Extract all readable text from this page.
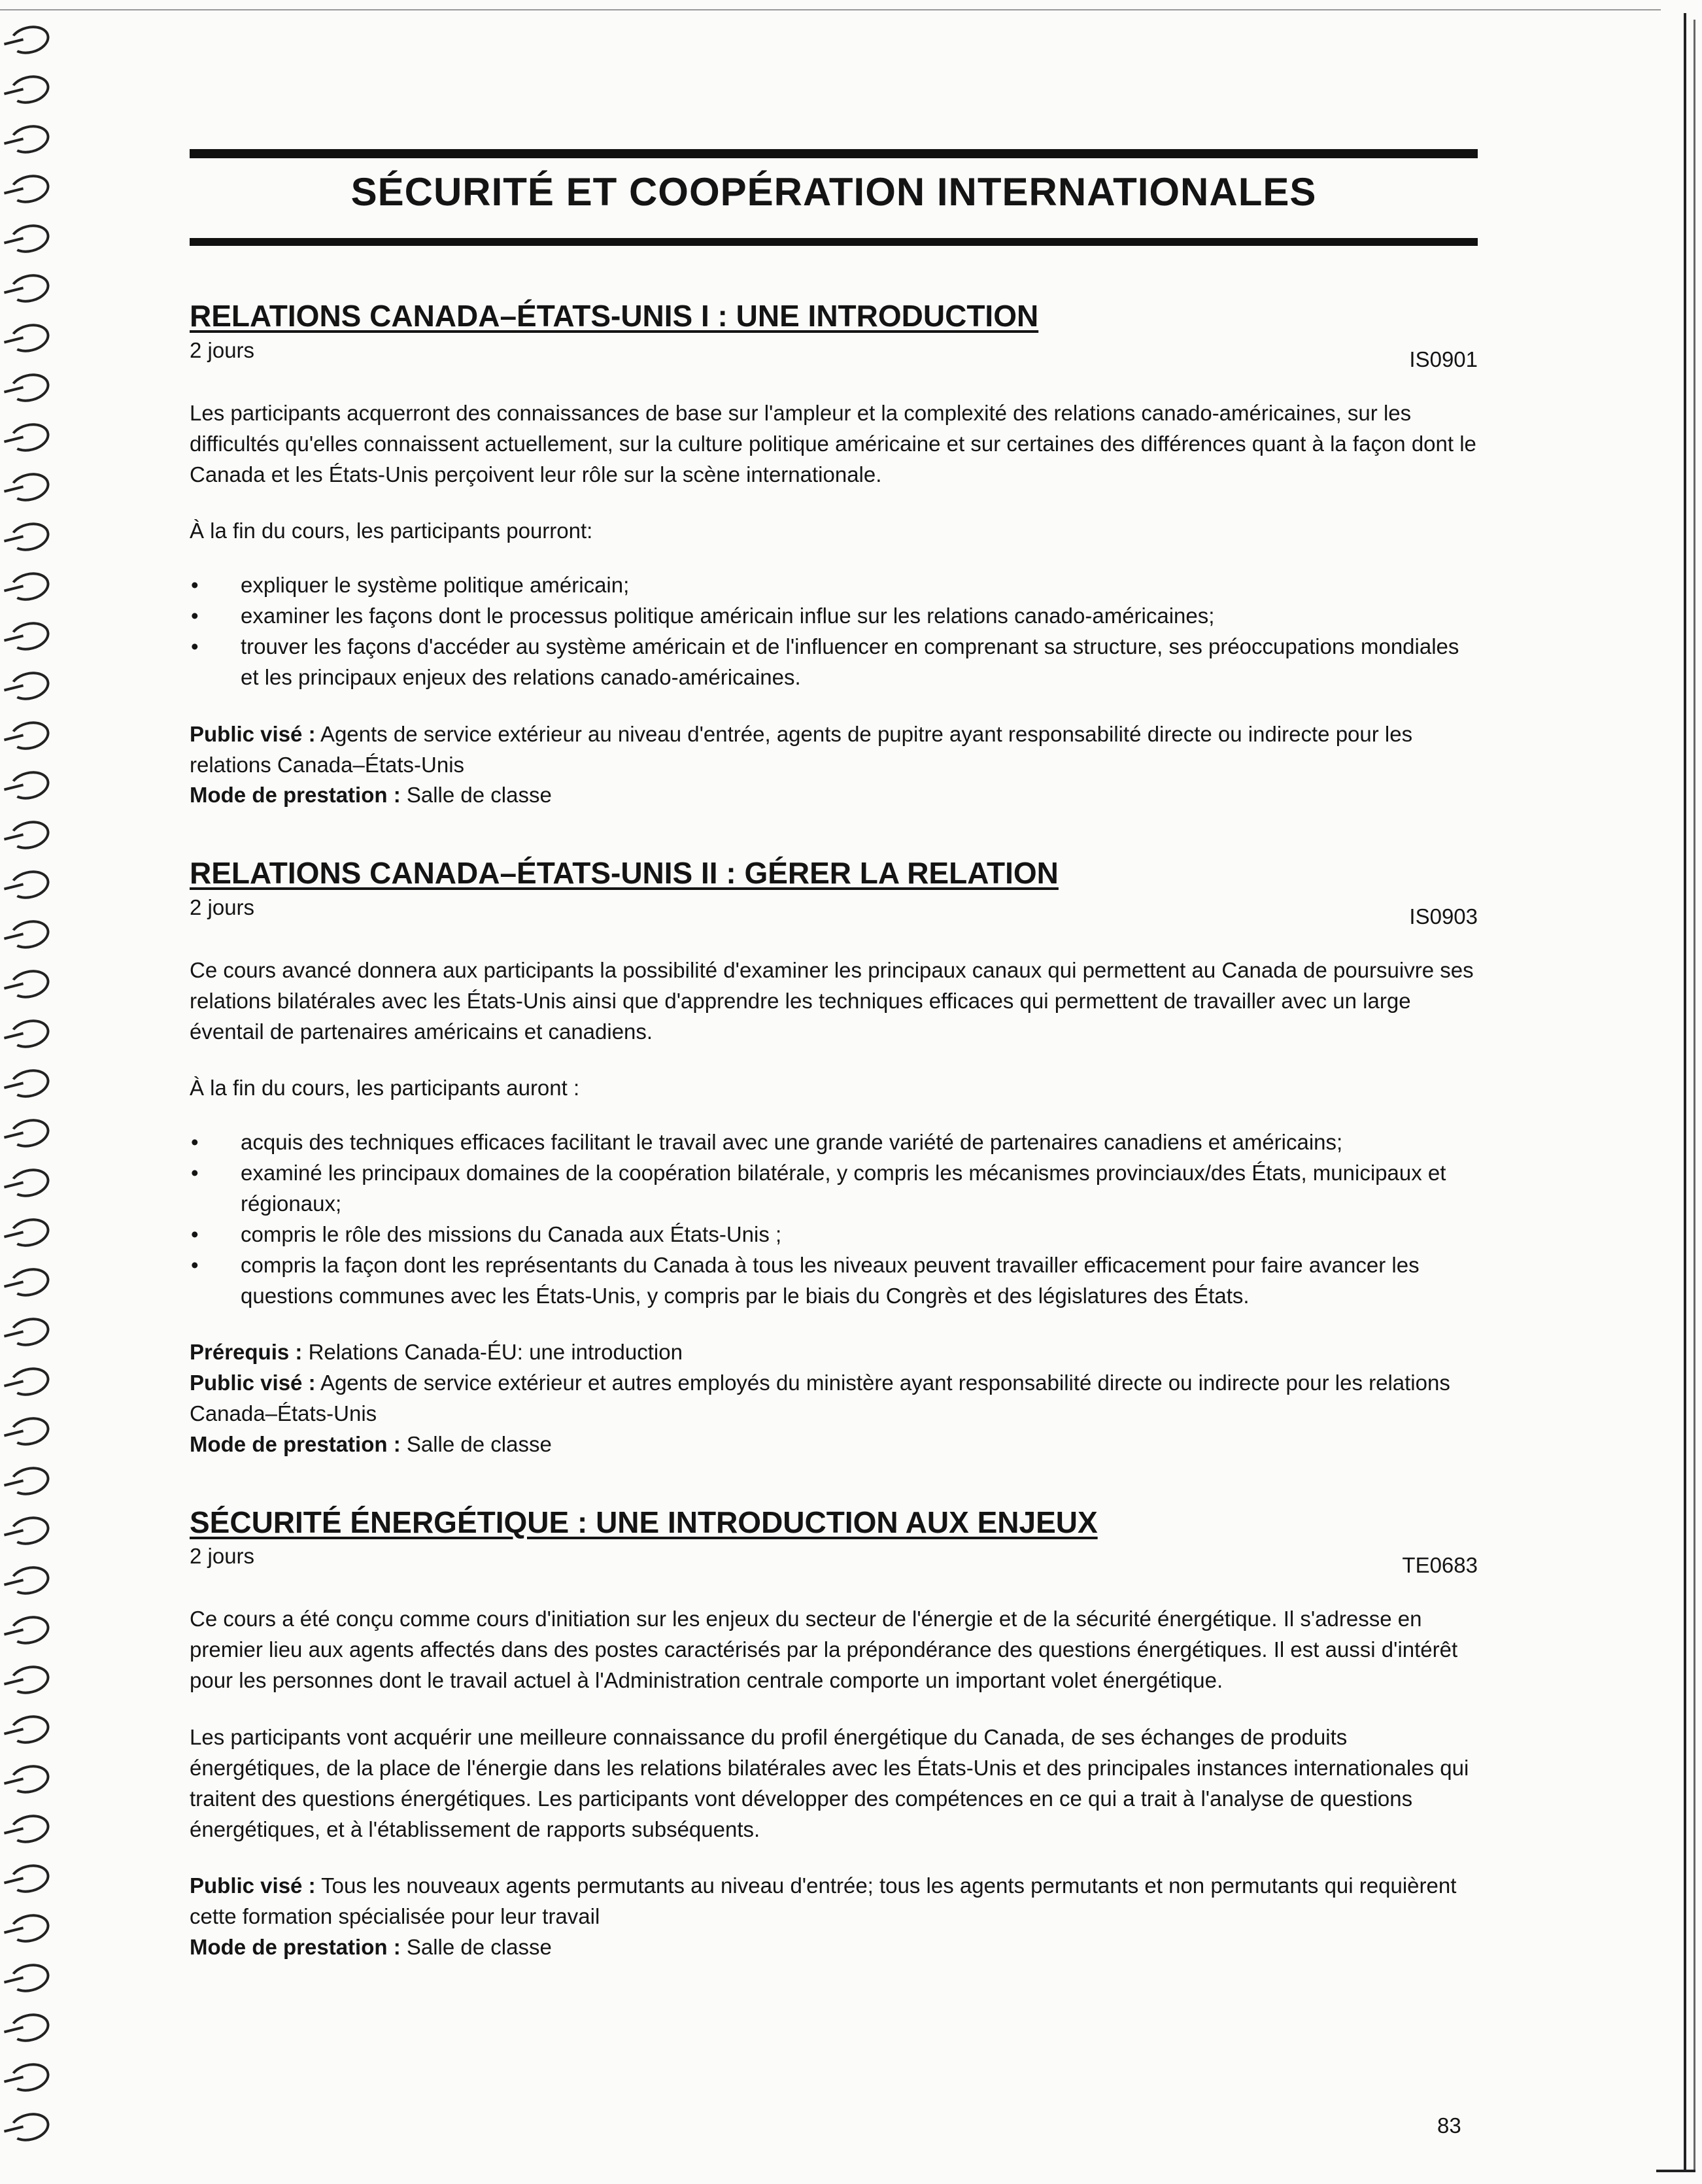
SÉCURITÉ ET COOPÉRATION INTERNATIONALES
RELATIONS CANADA–ÉTATS-UNIS I : UNE INTRODUCTION
2 jours	IS0901

Les participants acquerront des connaissances de base sur l'ampleur et la complexité des relations canado-américaines, sur les difficultés qu'elles connaissent actuellement, sur la culture politique américaine et sur certaines des différences quant à la façon dont le Canada et les États-Unis perçoivent leur rôle sur la scène internationale.

À la fin du cours, les participants pourront:

• expliquer le système politique américain;
• examiner les façons dont le processus politique américain influe sur les relations canado-américaines;
• trouver les façons d'accéder au système américain et de l'influencer en comprenant sa structure, ses préoccupations mondiales et les principaux enjeux des relations canado-américaines.
Public visé : Agents de service extérieur au niveau d'entrée, agents de pupitre ayant responsabilité directe ou indirecte pour les relations Canada–États-Unis
Mode de prestation : Salle de classe
RELATIONS CANADA–ÉTATS-UNIS II : GÉRER LA RELATION
2 jours	IS0903

Ce cours avancé donnera aux participants la possibilité d'examiner les principaux canaux qui permettent au Canada de poursuivre ses relations bilatérales avec les États-Unis ainsi que d'apprendre les techniques efficaces qui permettent de travailler avec un large éventail de partenaires américains et canadiens.

À la fin du cours, les participants auront :

• acquis des techniques efficaces facilitant le travail avec une grande variété de partenaires canadiens et américains;
• examiné les principaux domaines de la coopération bilatérale, y compris les mécanismes provinciaux/des États, municipaux et régionaux;
• compris le rôle des missions du Canada aux États-Unis ;
• compris la façon dont les représentants du Canada à tous les niveaux peuvent travailler efficacement pour faire avancer les questions communes avec les États-Unis, y compris par le biais du Congrès et des législatures des États.
Prérequis : Relations Canada-ÉU: une introduction
Public visé : Agents de service extérieur et autres employés du ministère ayant responsabilité directe ou indirecte pour les relations Canada–États-Unis
Mode de prestation : Salle de classe
SÉCURITÉ ÉNERGÉTIQUE : UNE INTRODUCTION AUX ENJEUX
2 jours	TE0683

Ce cours a été conçu comme cours d'initiation sur les enjeux du secteur de l'énergie et de la sécurité énergétique. Il s'adresse en premier lieu aux agents affectés dans des postes caractérisés par la prépondérance des questions énergétiques. Il est aussi d'intérêt pour les personnes dont le travail actuel à l'Administration centrale comporte un important volet énergétique.

Les participants vont acquérir une meilleure connaissance du profil énergétique du Canada, de ses échanges de produits énergétiques, de la place de l'énergie dans les relations bilatérales avec les États-Unis et des principales instances internationales qui traitent des questions énergétiques. Les participants vont développer des compétences en ce qui a trait à l'analyse de questions énergétiques, et à l'établissement de rapports subséquents.

Public visé : Tous les nouveaux agents permutants au niveau d'entrée; tous les agents permutants et non permutants qui requièrent cette formation spécialisée pour leur travail
Mode de prestation : Salle de classe
83
